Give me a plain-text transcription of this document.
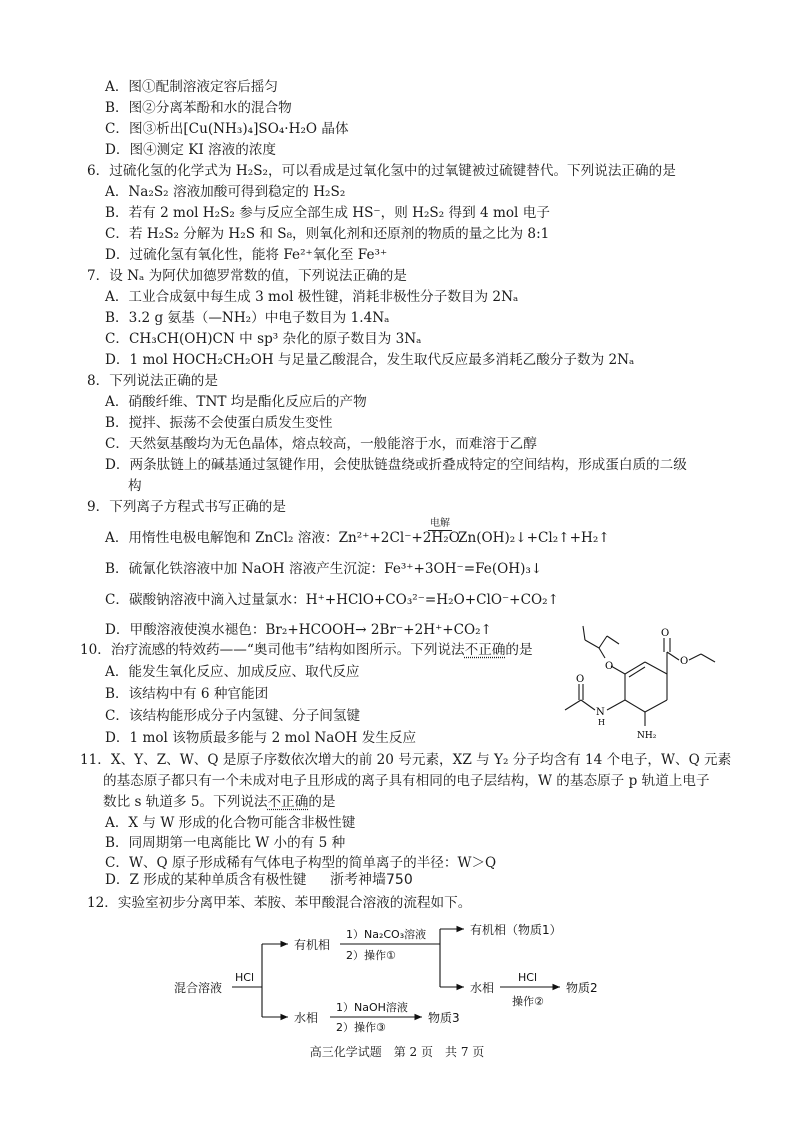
A．图①配制溶液定容后摇匀
B．图②分离苯酚和水的混合物
C．图③析出[Cu(NH₃)₄]SO₄·H₂O 晶体
D．图④测定 KI 溶液的浓度
6．过硫化氢的化学式为 H₂S₂，可以看成是过氧化氢中的过氧键被过硫键替代。下列说法正确的是
A．Na₂S₂ 溶液加酸可得到稳定的 H₂S₂
B．若有 2 mol H₂S₂ 参与反应全部生成 HS⁻，则 H₂S₂ 得到 4 mol 电子
C．若 H₂S₂ 分解为 H₂S 和 S₈，则氧化剂和还原剂的物质的量之比为 8:1
D．过硫化氢有氧化性，能将 Fe²⁺氧化至 Fe³⁺
7．设 Nₐ 为阿伏加德罗常数的值，下列说法正确的是
A．工业合成氨中每生成 3 mol 极性键，消耗非极性分子数目为 2Nₐ
B．3.2 g 氨基（—NH₂）中电子数目为 1.4Nₐ
C．CH₃CH(OH)CN 中 sp³ 杂化的原子数目为 3Nₐ
D．1 mol HOCH₂CH₂OH 与足量乙酸混合，发生取代反应最多消耗乙酸分子数为 2Nₐ
8．下列说法正确的是
A．硝酸纤维、TNT 均是酯化反应后的产物
B．搅拌、振荡不会使蛋白质发生变性
C．天然氨基酸均为无色晶体，熔点较高，一般能溶于水，而难溶于乙醇
D．两条肽链上的碱基通过氢键作用，会使肽链盘绕或折叠成特定的空间结构，形成蛋白质的二级
构
9．下列离子方程式书写正确的是
A．用惰性电极电解饱和 ZnCl₂ 溶液：Zn²⁺+2Cl⁻+2H₂O
电解
Zn(OH)₂↓+Cl₂↑+H₂↑
B．硫氰化铁溶液中加 NaOH 溶液产生沉淀：Fe³⁺+3OH⁻=Fe(OH)₃↓
C．碳酸钠溶液中滴入过量氯水：H⁺+HClO+CO₃²⁻=H₂O+ClO⁻+CO₂↑
D．甲酸溶液使溴水褪色：Br₂+HCOOH→ 2Br⁻+2H⁺+CO₂↑
10．治疗流感的特效药——“奥司他韦”结构如图所示。下列说法不正确的是
A．能发生氧化反应、加成反应、取代反应
B．该结构中有 6 种官能团
C．该结构能形成分子内氢键、分子间氢键
D．1 mol 该物质最多能与 2 mol NaOH 发生反应
O
O
O
N
H
O
NH₂
11．X、Y、Z、W、Q 是原子序数依次增大的前 20 号元素，XZ 与 Y₂ 分子均含有 14 个电子，W、Q 元素
的基态原子都只有一个未成对电子且形成的离子具有相同的电子层结构，W 的基态原子 p 轨道上电子
数比 s 轨道多 5。下列说法不正确的是
A．X 与 W 形成的化合物可能含非极性键
B．同周期第一电离能比 W 小的有 5 种
C．W、Q 原子形成稀有气体电子构型的简单离子的半径：W＞Q
D．Z 形成的某种单质含有极性键 浙考神墙750
12．实验室初步分离甲苯、苯胺、苯甲酸混合溶液的流程如下。
混合溶液
HCl
有机相
1）Na₂CO₃溶液
2）操作①
有机相（物质1）
水相
HCl
操作②
物质2
水相
1）NaOH溶液
2）操作③
物质3
高三化学试题　第 2 页　共 7 页
